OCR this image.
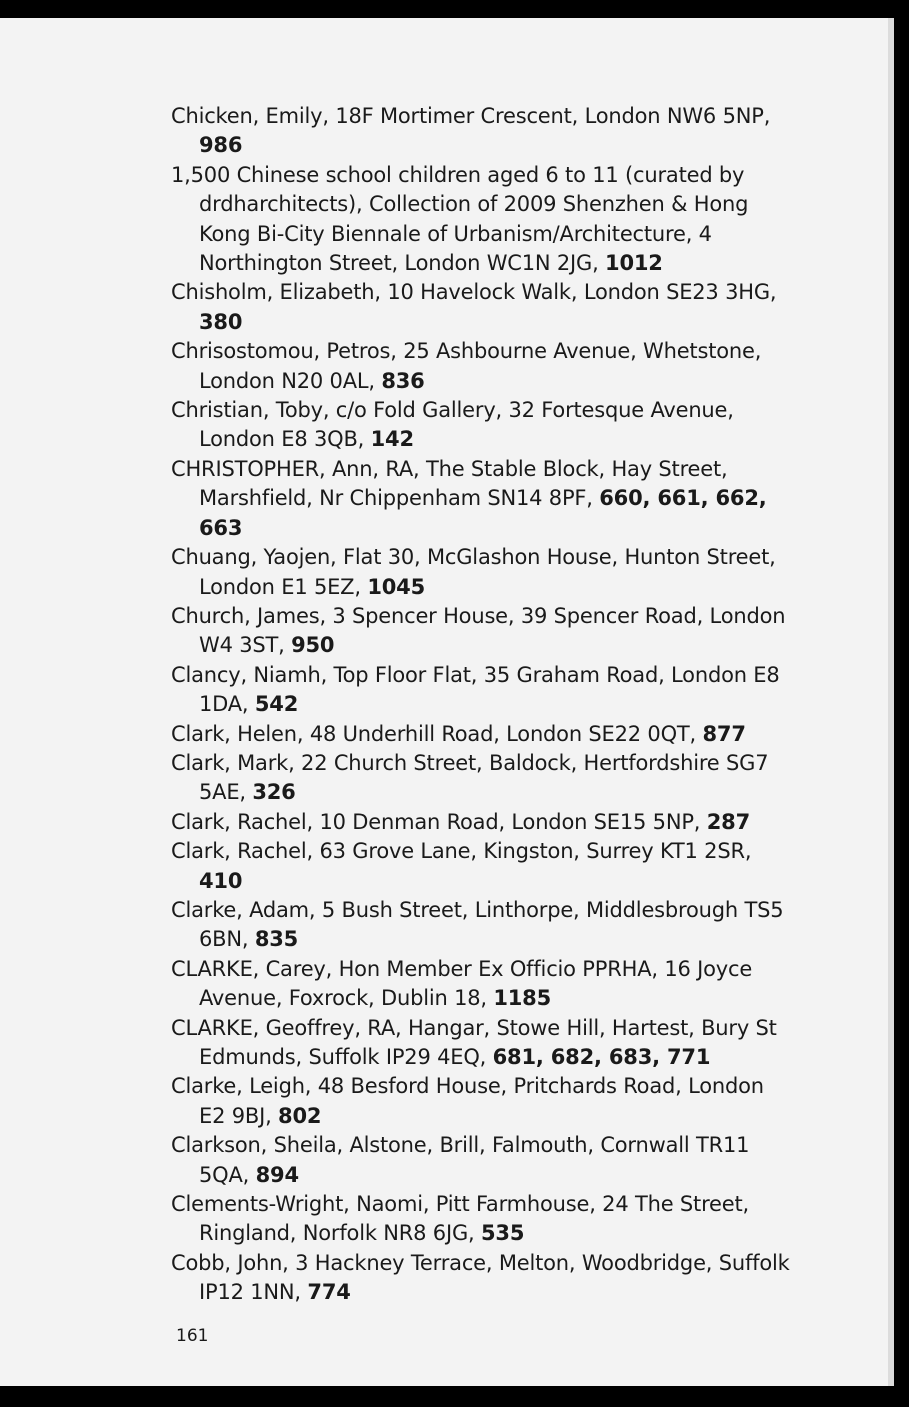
Chicken, Emily, 18F Mortimer Crescent, London NW6 5NP, 986
1,500 Chinese school children aged 6 to 11 (curated by drdharchitects), Collection of 2009 Shenzhen & Hong Kong Bi-City Biennale of Urbanism/Architecture, 4 Northington Street, London WC1N 2JG, 1012
Chisholm, Elizabeth, 10 Havelock Walk, London SE23 3HG, 380
Chrisostomou, Petros, 25 Ashbourne Avenue, Whetstone, London N20 0AL, 836
Christian, Toby, c/o Fold Gallery, 32 Fortesque Avenue, London E8 3QB, 142
CHRISTOPHER, Ann, RA, The Stable Block, Hay Street, Marshfield, Nr Chippenham SN14 8PF, 660, 661, 662, 663
Chuang, Yaojen, Flat 30, McGlashon House, Hunton Street, London E1 5EZ, 1045
Church, James, 3 Spencer House, 39 Spencer Road, London W4 3ST, 950
Clancy, Niamh, Top Floor Flat, 35 Graham Road, London E8 1DA, 542
Clark, Helen, 48 Underhill Road, London SE22 0QT, 877
Clark, Mark, 22 Church Street, Baldock, Hertfordshire SG7 5AE, 326
Clark, Rachel, 10 Denman Road, London SE15 5NP, 287
Clark, Rachel, 63 Grove Lane, Kingston, Surrey KT1 2SR, 410
Clarke, Adam, 5 Bush Street, Linthorpe, Middlesbrough TS5 6BN, 835
CLARKE, Carey, Hon Member Ex Officio PPRHA, 16 Joyce Avenue, Foxrock, Dublin 18, 1185
CLARKE, Geoffrey, RA, Hangar, Stowe Hill, Hartest, Bury St Edmunds, Suffolk IP29 4EQ, 681, 682, 683, 771
Clarke, Leigh, 48 Besford House, Pritchards Road, London E2 9BJ, 802
Clarkson, Sheila, Alstone, Brill, Falmouth, Cornwall TR11 5QA, 894
Clements-Wright, Naomi, Pitt Farmhouse, 24 The Street, Ringland, Norfolk NR8 6JG, 535
Cobb, John, 3 Hackney Terrace, Melton, Woodbridge, Suffolk IP12 1NN, 774
161
